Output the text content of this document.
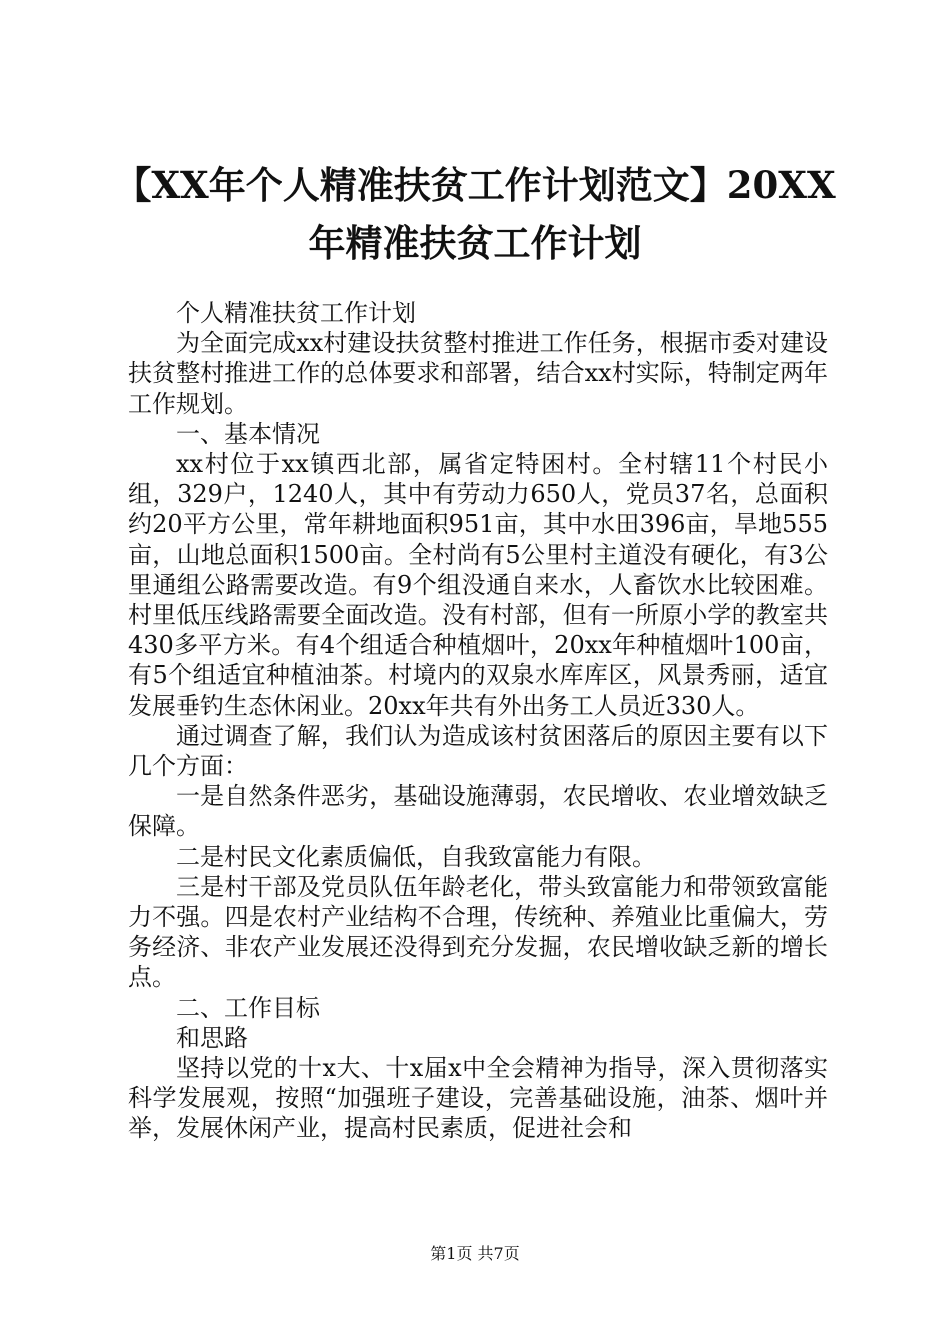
【XX年个人精准扶贫工作计划范文】20XX年精准扶贫工作计划

个人精准扶贫工作计划

为全面完成xx村建设扶贫整村推进工作任务，根据市委对建设扶贫整村推进工作的总体要求和部署，结合xx村实际，特制定两年工作规划。

一、基本情况

xx村位于xx镇西北部，属省定特困村。全村辖11个村民小组，329户，1240人，其中有劳动力650人，党员37名，总面积约20平方公里，常年耕地面积951亩，其中水田396亩，旱地555亩，山地总面积1500亩。全村尚有5公里村主道没有硬化，有3公里通组公路需要改造。有9个组没通自来水，人畜饮水比较困难。村里低压线路需要全面改造。没有村部，但有一所原小学的教室共430多平方米。有4个组适合种植烟叶，20xx年种植烟叶100亩，有5个组适宜种植油茶。村境内的双泉水库库区，风景秀丽，适宜发展垂钓生态休闲业。20xx年共有外出务工人员近330人。

通过调查了解，我们认为造成该村贫困落后的原因主要有以下几个方面：

一是自然条件恶劣，基础设施薄弱，农民增收、农业增效缺乏保障。

二是村民文化素质偏低，自我致富能力有限。

三是村干部及党员队伍年龄老化，带头致富能力和带领致富能力不强。四是农村产业结构不合理，传统种、养殖业比重偏大，劳务经济、非农产业发展还没得到充分发掘，农民增收缺乏新的增长点。

二、工作目标

和思路

坚持以党的十x大、十x届x中全会精神为指导，深入贯彻落实科学发展观，按照“加强班子建设，完善基础设施，油茶、烟叶并举，发展休闲产业，提高村民素质，促进社会和

第1页 共7页
